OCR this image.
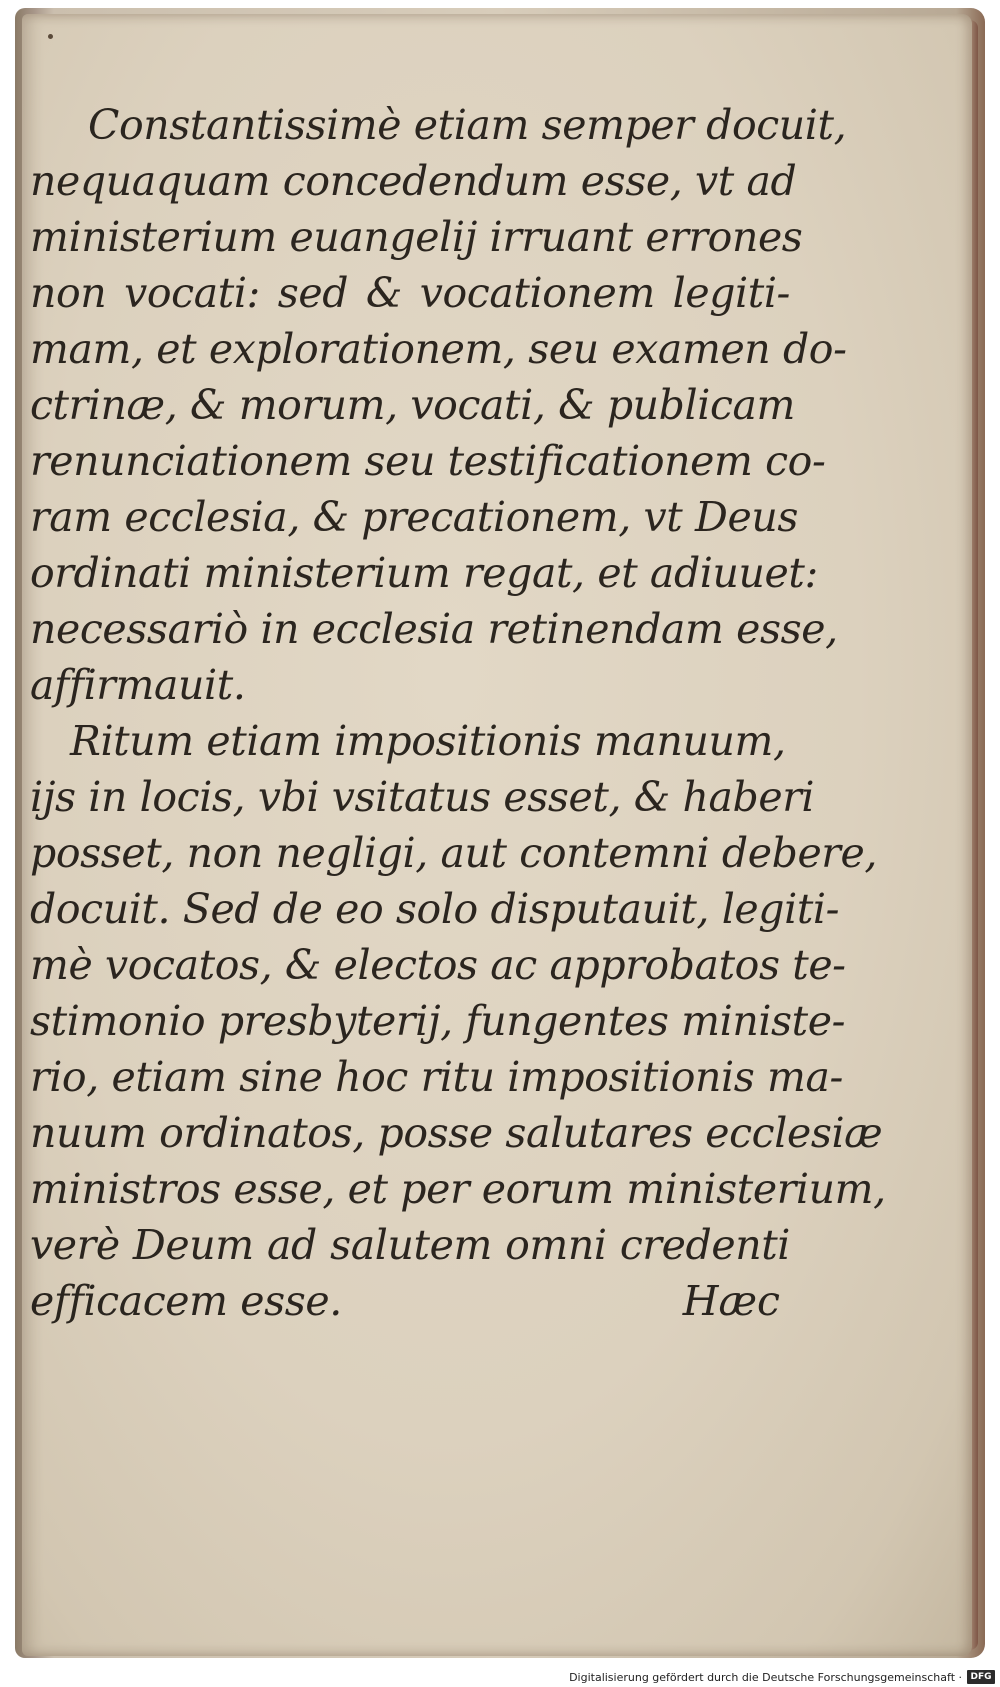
Constantissimè etiam semper docuit,
nequaquam concedendum esse, vt ad
ministerium euangelij irruant errones
non vocati: sed & vocationem legiti-
mam, et explorationem, seu examen do-
ctrinæ, & morum, vocati, & publicam
renunciationem seu testificationem co-
ram ecclesia, & precationem, vt Deus
ordinati ministerium regat, et adiuuet:
necessariò in ecclesia retinendam esse,
affirmauit.
Ritum etiam impositionis manuum,
ijs in locis, vbi vsitatus esset, & haberi
posset, non negligi, aut contemni debere,
docuit. Sed de eo solo disputauit, legiti-
mè vocatos, & electos ac approbatos te-
stimonio presbyterij, fungentes ministe-
rio, etiam sine hoc ritu impositionis ma-
nuum ordinatos, posse salutares ecclesiæ
ministros esse, et per eorum ministerium,
verè Deum ad salutem omni credenti
efficacem esse.	Hæc
Digitalisierung gefördert durch die Deutsche Forschungsgemeinschaft · DFG
